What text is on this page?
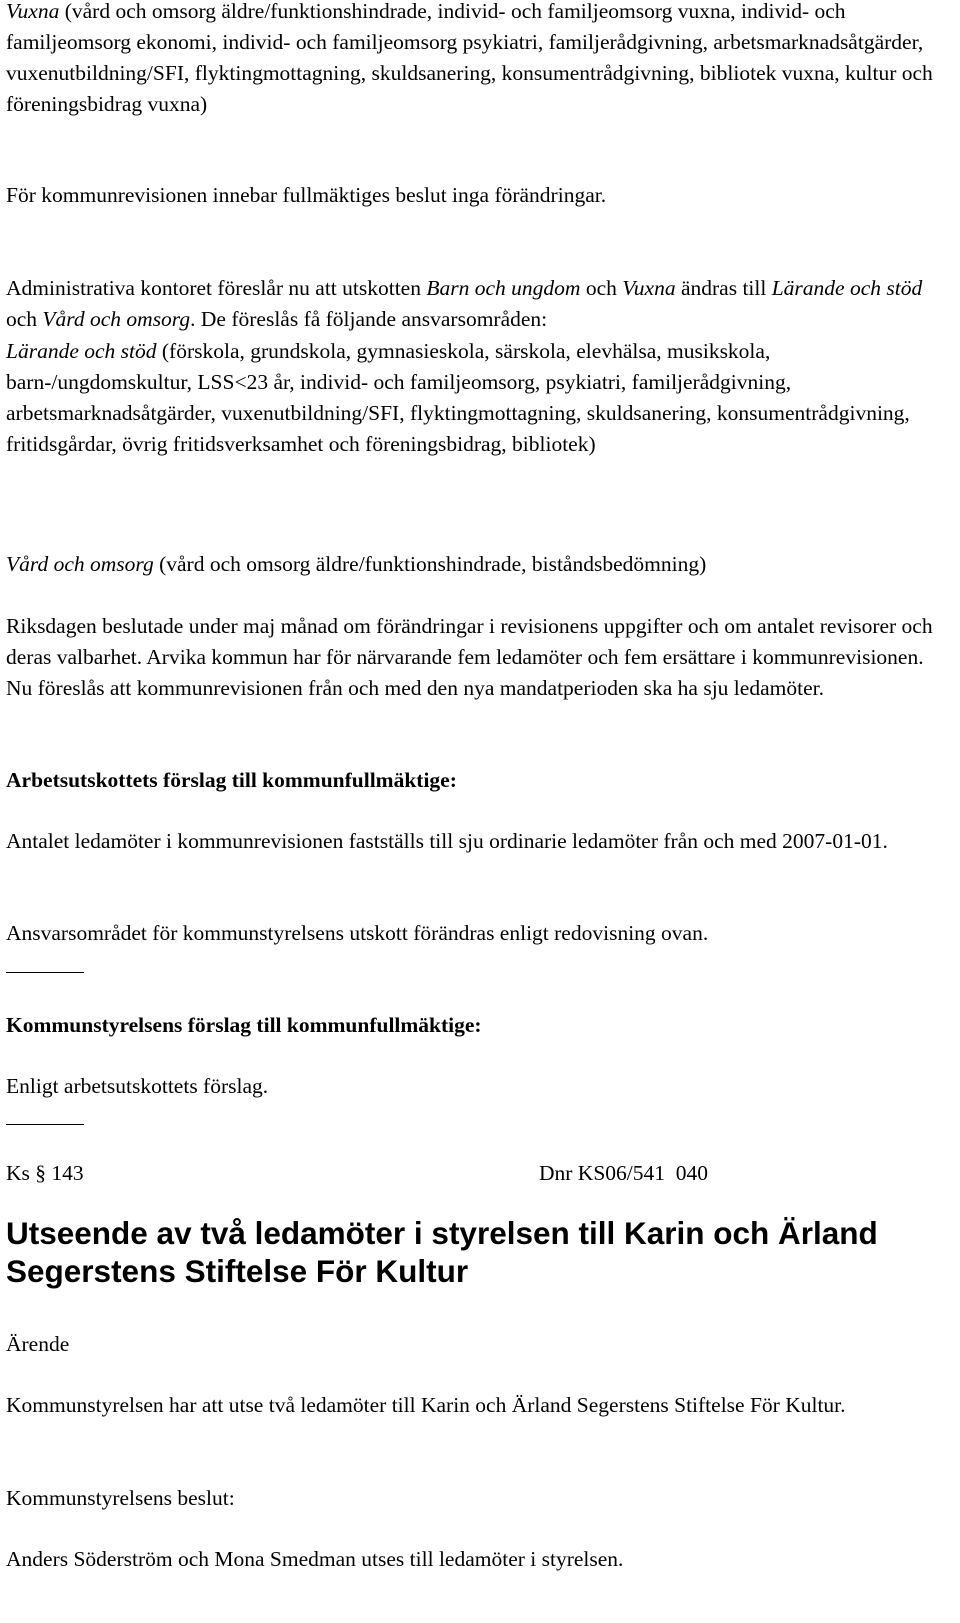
Vuxna (vård och omsorg äldre/funktionshindrade, individ- och familjeomsorg vuxna, individ- och familjeomsorg ekonomi, individ- och familjeomsorg psykiatri, familjerådgivning, arbetsmarknadsåtgärder, vuxenutbildning/SFI, flyktingmottagning, skuldsanering, konsumentrådgivning, bibliotek vuxna, kultur och föreningsbidrag vuxna)

För kommunrevisionen innebar fullmäktiges beslut inga förändringar.

Administrativa kontoret föreslår nu att utskotten Barn och ungdom och Vuxna ändras till Lärande och stöd och Vård och omsorg. De föreslås få följande ansvarsområden:

Lärande och stöd (förskola, grundskola, gymnasieskola, särskola, elevhälsa, musikskola, barn-/ungdomskultur, LSS<23 år, individ- och familjeomsorg, psykiatri, familjerådgivning, arbetsmarknadsåtgärder, vuxenutbildning/SFI, flyktingmottagning, skuldsanering, konsumentrådgivning, fritidsgårdar, övrig fritidsverksamhet och föreningsbidrag, bibliotek)

Vård och omsorg (vård och omsorg äldre/funktionshindrade, biståndsbedömning)

Riksdagen beslutade under maj månad om förändringar i revisionens uppgifter och om antalet revisorer och deras valbarhet. Arvika kommun har för närvarande fem ledamöter och fem ersättare i kommunrevisionen. Nu föreslås att kommunrevisionen från och med den nya mandatperioden ska ha sju ledamöter.

Arbetsutskottets förslag till kommunfullmäktige:

Antalet ledamöter i kommunrevisionen fastställs till sju ordinarie ledamöter från och med 2007-01-01.

Ansvarsområdet för kommunstyrelsens utskott förändras enligt redovisning ovan.

Kommunstyrelsens förslag till kommunfullmäktige:

Enligt arbetsutskottets förslag.

Ks § 143	Dnr KS06/541  040
Utseende av två ledamöter i styrelsen till Karin och Ärland Segerstens Stiftelse För Kultur

Ärende

Kommunstyrelsen har att utse två ledamöter till Karin och Ärland Segerstens Stiftelse För Kultur.

Kommunstyrelsens beslut:

Anders Söderström och Mona Smedman utses till ledamöter i styrelsen.
